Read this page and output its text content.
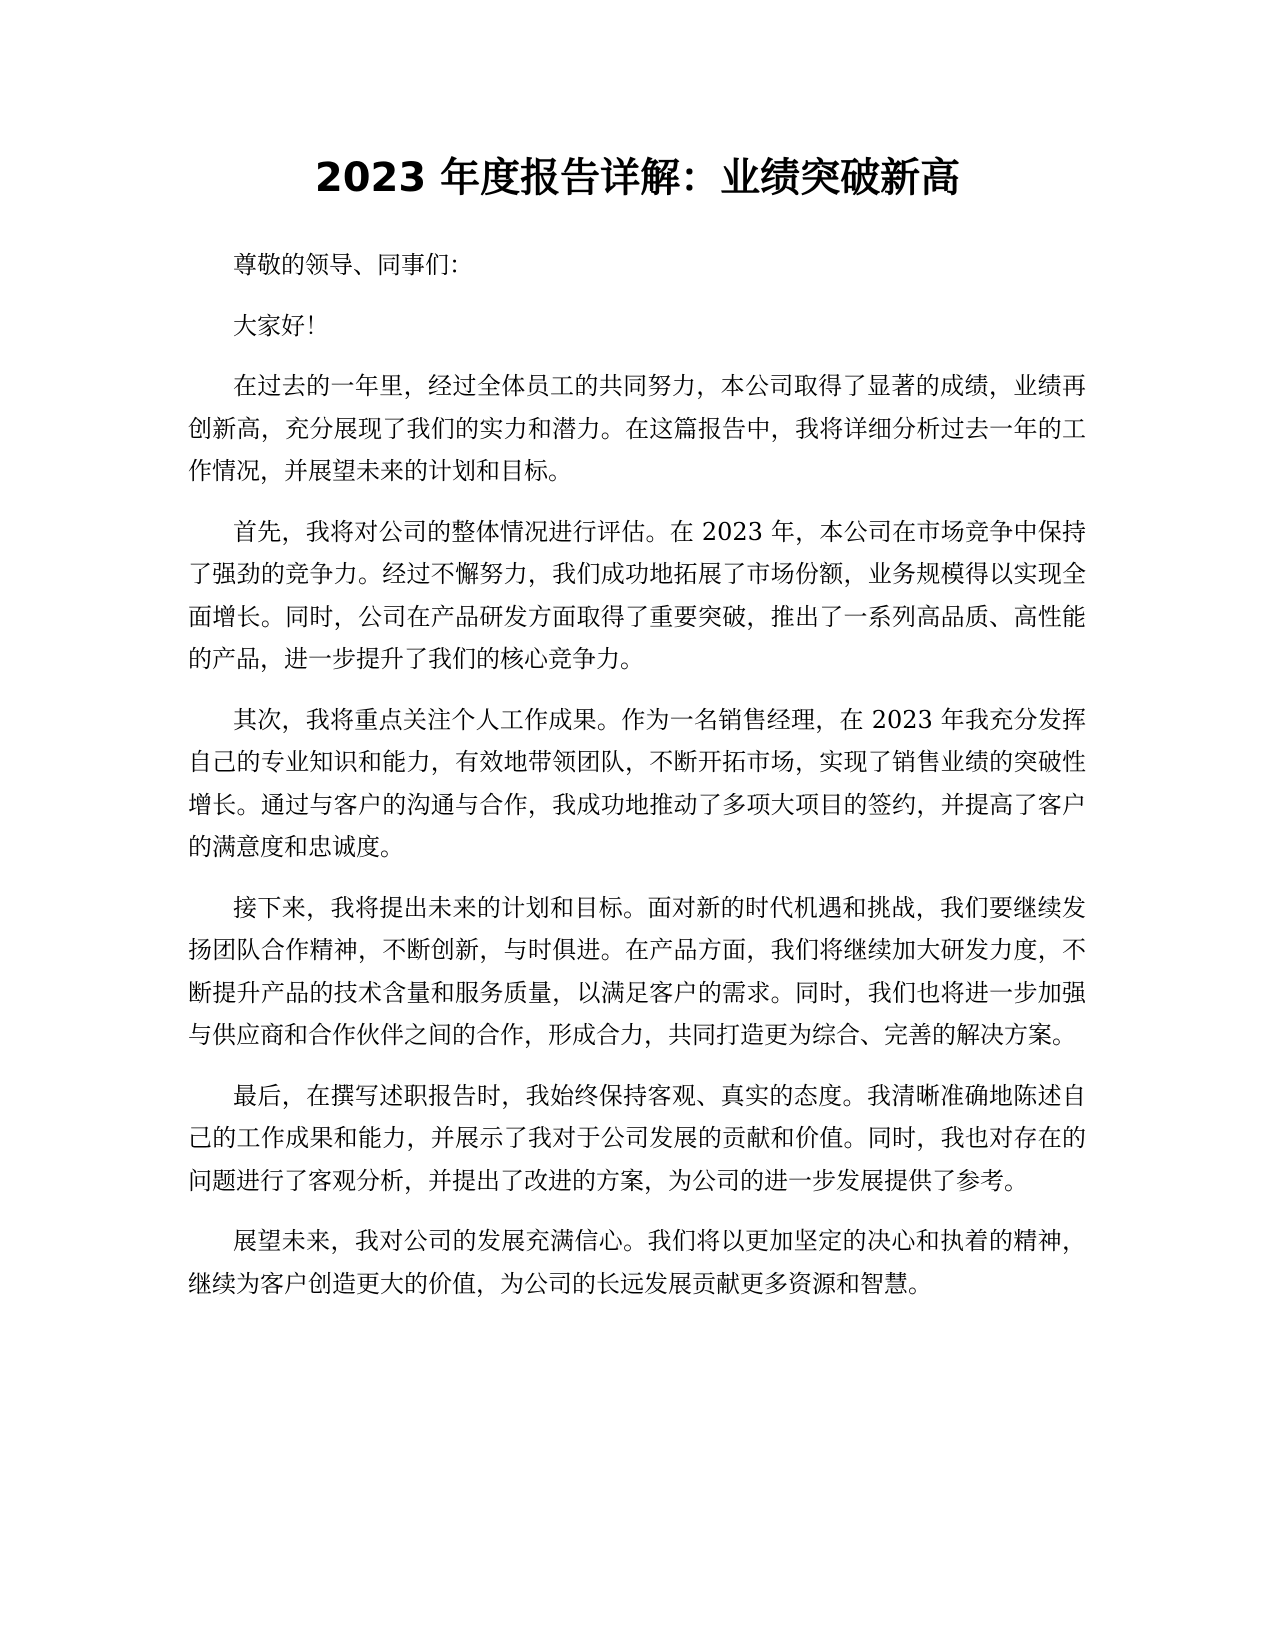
2023 年度报告详解：业绩突破新高

尊敬的领导、同事们：

大家好！

在过去的一年里，经过全体员工的共同努力，本公司取得了显著的成绩，业绩再创新高，充分展现了我们的实力和潜力。在这篇报告中，我将详细分析过去一年的工作情况，并展望未来的计划和目标。

首先，我将对公司的整体情况进行评估。在 2023 年，本公司在市场竞争中保持了强劲的竞争力。经过不懈努力，我们成功地拓展了市场份额，业务规模得以实现全面增长。同时，公司在产品研发方面取得了重要突破，推出了一系列高品质、高性能的产品，进一步提升了我们的核心竞争力。

其次，我将重点关注个人工作成果。作为一名销售经理，在 2023 年我充分发挥自己的专业知识和能力，有效地带领团队，不断开拓市场，实现了销售业绩的突破性增长。通过与客户的沟通与合作，我成功地推动了多项大项目的签约，并提高了客户的满意度和忠诚度。

接下来，我将提出未来的计划和目标。面对新的时代机遇和挑战，我们要继续发扬团队合作精神，不断创新，与时俱进。在产品方面，我们将继续加大研发力度，不断提升产品的技术含量和服务质量，以满足客户的需求。同时，我们也将进一步加强与供应商和合作伙伴之间的合作，形成合力，共同打造更为综合、完善的解决方案。

最后，在撰写述职报告时，我始终保持客观、真实的态度。我清晰准确地陈述自己的工作成果和能力，并展示了我对于公司发展的贡献和价值。同时，我也对存在的问题进行了客观分析，并提出了改进的方案，为公司的进一步发展提供了参考。

展望未来，我对公司的发展充满信心。我们将以更加坚定的决心和执着的精神，继续为客户创造更大的价值，为公司的长远发展贡献更多资源和智慧。
